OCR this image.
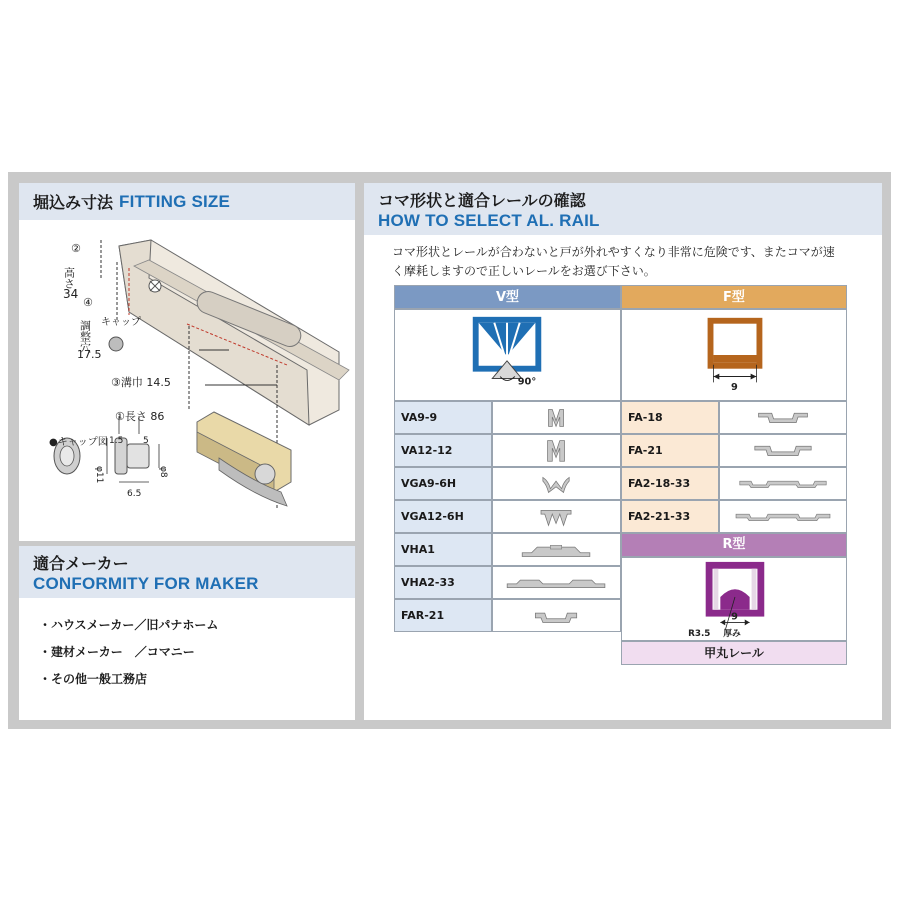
堀込み寸法 FITTING SIZE
②
高さ
34
④
調整穴
17.5
キャップ
③溝巾 14.5
①長さ 86
●キャップ図 1.5 5
φ11	φ8
6.5
適合メーカー
CONFORMITY FOR MAKER
・ハウスメーカー／旧パナホーム
・建材メーカー　／コマニー
・その他一般工務店
コマ形状と適合レールの確認
HOW TO SELECT AL. RAIL
コマ形状とレールが合わないと戸が外れやすくなり非常に危険です、またコマが速
く摩耗しますので正しいレールをお選び下さい。
V型	F型
90°
9
VA9-9
VA12-12
VGA9-6H
VGA12-6H
VHA1
VHA2-33
FAR-21
FA-18
FA-21
FA2-18-33
FA2-21-33
R型
9
R3.5 厚み
甲丸レール
